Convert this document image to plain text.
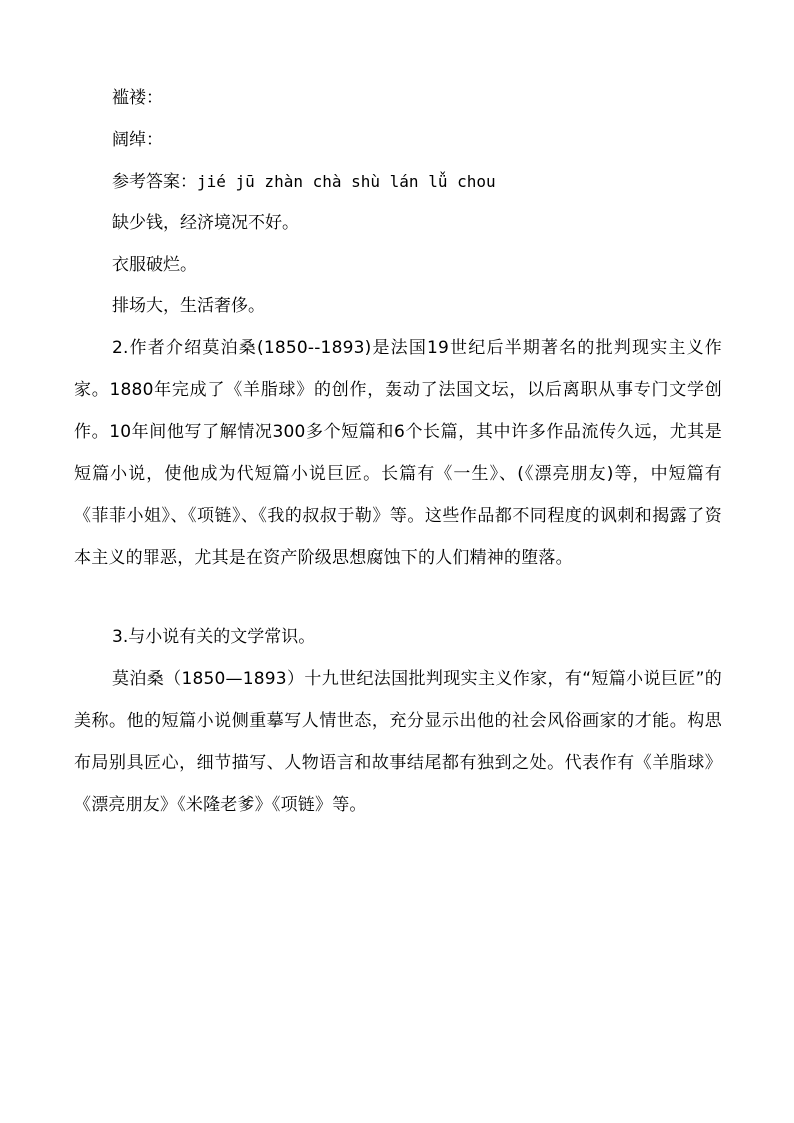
褴褛：
阔绰：
参考答案：jié jū zhàn chà shù lán lǚ chou
缺少钱，经济境况不好。
衣服破烂。
排场大，生活奢侈。
2.作者介绍莫泊桑(1850--1893)是法国19世纪后半期著名的批判现实主义作家。1880年完成了《羊脂球》的创作，轰动了法国文坛，以后离职从事专门文学创作。10年间他写了解情况300多个短篇和6个长篇，其中许多作品流传久远，尤其是短篇小说，使他成为代短篇小说巨匠。长篇有《一生》、(《漂亮朋友)等，中短篇有《菲菲小姐》、《项链》、《我的叔叔于勒》等。这些作品都不同程度的讽刺和揭露了资本主义的罪恶，尤其是在资产阶级思想腐蚀下的人们精神的堕落。
3.与小说有关的文学常识。
莫泊桑（1850—1893）十九世纪法国批判现实主义作家，有“短篇小说巨匠”的美称。他的短篇小说侧重摹写人情世态，充分显示出他的社会风俗画家的才能。构思布局别具匠心，细节描写、人物语言和故事结尾都有独到之处。代表作有《羊脂球》《漂亮朋友》《米隆老爹》《项链》等。
